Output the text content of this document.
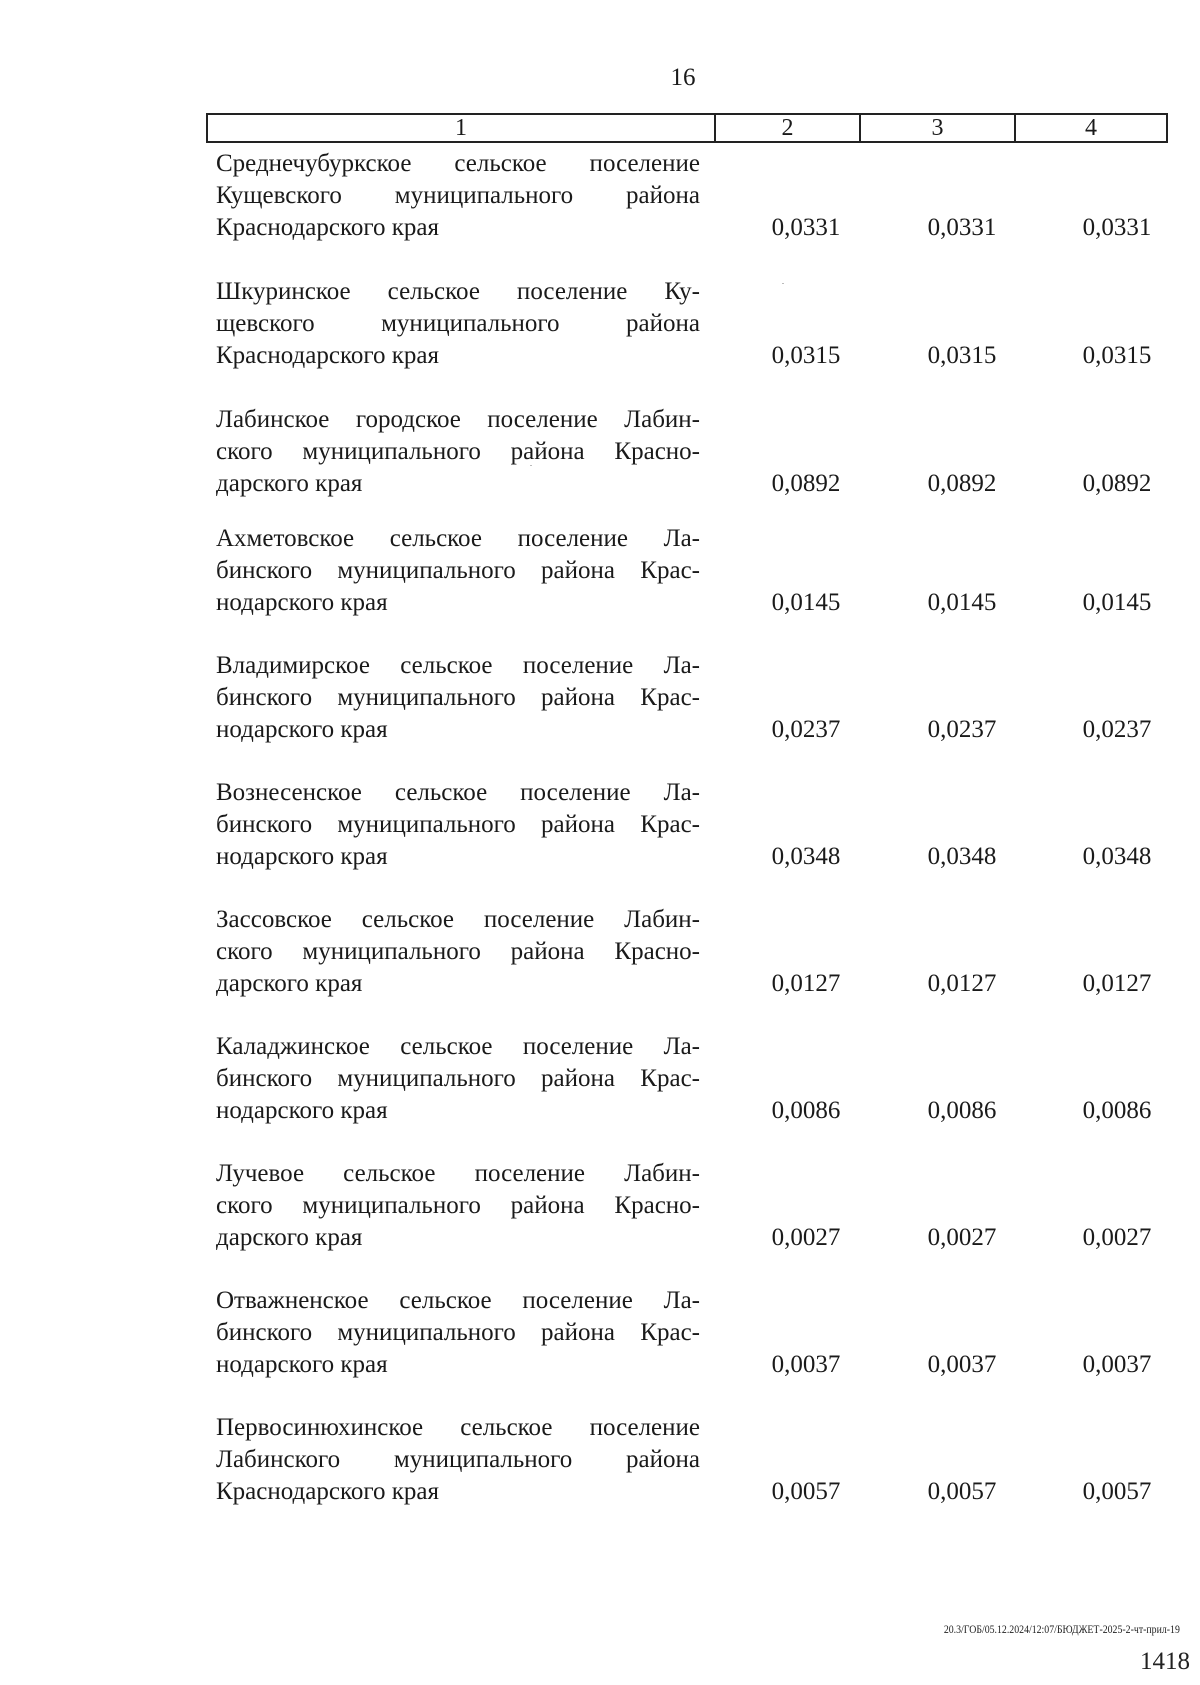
16
1	2	3	4
Среднечубуркское сельское поселение
Кущевского муниципального района
Краснодарского края	0,0331	0,0331	0,0331
Шкуринское сельское поселение Ку-
щевского муниципального района
Краснодарского края	0,0315	0,0315	0,0315
Лабинское городское поселение Лабин-
ского муниципального района Красно-
дарского края	0,0892	0,0892	0,0892
Ахметовское сельское поселение Ла-
бинского муниципального района Крас-
нодарского края	0,0145	0,0145	0,0145
Владимирское сельское поселение Ла-
бинского муниципального района Крас-
нодарского края	0,0237	0,0237	0,0237
Вознесенское сельское поселение Ла-
бинского муниципального района Крас-
нодарского края	0,0348	0,0348	0,0348
Зассовское сельское поселение Лабин-
ского муниципального района Красно-
дарского края	0,0127	0,0127	0,0127
Каладжинское сельское поселение Ла-
бинского муниципального района Крас-
нодарского края	0,0086	0,0086	0,0086
Лучевое сельское поселение Лабин-
ского муниципального района Красно-
дарского края	0,0027	0,0027	0,0027
Отважненское сельское поселение Ла-
бинского муниципального района Крас-
нодарского края	0,0037	0,0037	0,0037
Первосинюхинское сельское поселение
Лабинского муниципального района
Краснодарского края	0,0057	0,0057	0,0057
20.3/ГОБ/05.12.2024/12:07/БЮДЖЕТ-2025-2-чт-прил-19
1418
